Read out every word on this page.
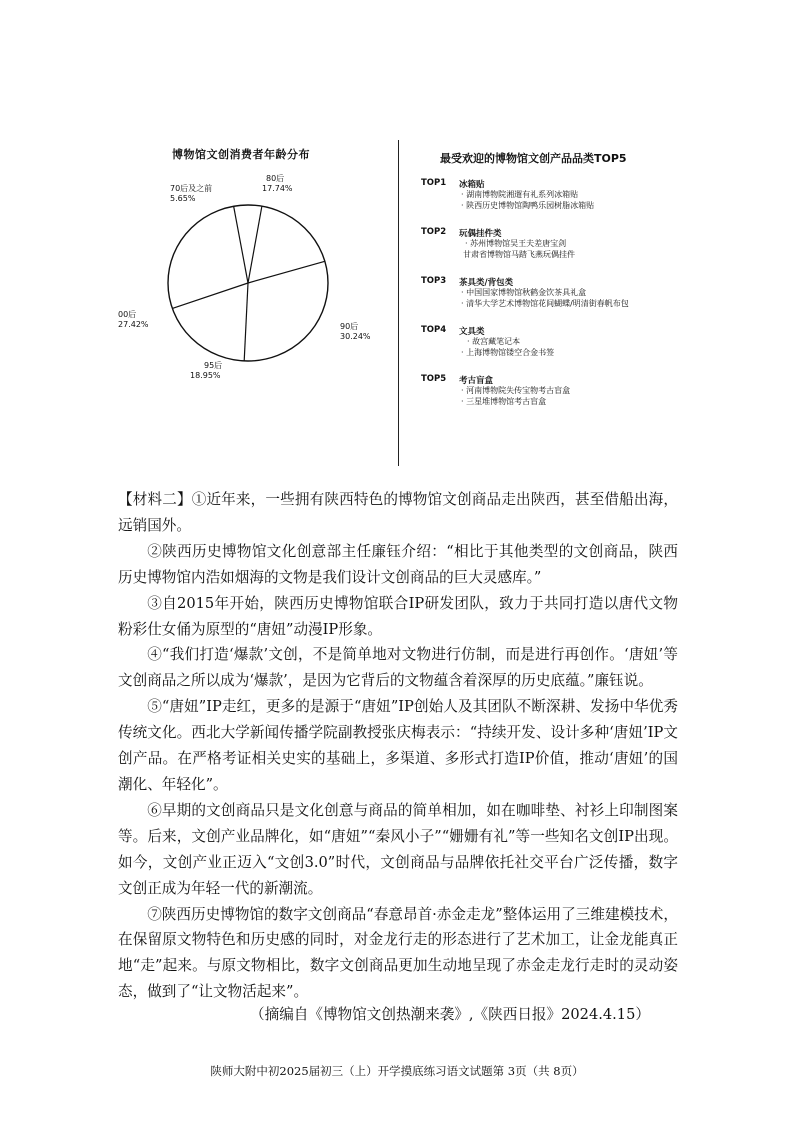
博物馆文创消费者年龄分布
80后
17.74%
90后
30.24%
95后
18.95%
00后
27.42%
70后及之前
5.65%
最受欢迎的博物馆文创产品品类TOP5
TOP1 冰箱贴
· 湖南博物院湘遛有礼系列冰箱贴
· 陕西历史博物馆陶鸭乐园树脂冰箱贴
TOP2 玩偶挂件类
· 苏州博物馆吴王夫差唐宝剑
甘肃省博物馆马踏飞燕玩偶挂件
TOP3 茶具类/背包类
· 中国国家博物馆秋鹤金饮茶具礼盒
· 清华大学艺术博物馆花间蝴蝶/明清街春帆布包
TOP4 文具类
· 故宫藏笔记本
· 上海博物馆镂空合金书签
TOP5 考古盲盒
· 河南博物院失传宝物考古盲盒
· 三星堆博物馆考古盲盒

【材料二】①近年来，一些拥有陕西特色的博物馆文创商品走出陕西，甚至借船出海，远销国外。

②陕西历史博物馆文化创意部主任廉钰介绍：“相比于其他类型的文创商品，陕西历史博物馆内浩如烟海的文物是我们设计文创商品的巨大灵感库。”

③自2015年开始，陕西历史博物馆联合IP研发团队，致力于共同打造以唐代文物粉彩仕女俑为原型的“唐妞”动漫IP形象。

④“我们打造‘爆款’文创，不是简单地对文物进行仿制，而是进行再创作。‘唐妞’等文创商品之所以成为‘爆款’，是因为它背后的文物蕴含着深厚的历史底蕴。”廉钰说。

⑤“唐妞”IP走红，更多的是源于“唐妞”IP创始人及其团队不断深耕、发扬中华优秀传统文化。西北大学新闻传播学院副教授张庆梅表示：“持续开发、设计多种‘唐妞’IP文创产品。在严格考证相关史实的基础上，多渠道、多形式打造IP价值，推动‘唐妞’的国潮化、年轻化”。

⑥早期的文创商品只是文化创意与商品的简单相加，如在咖啡垫、衬衫上印制图案等。后来，文创产业品牌化，如“唐妞”“秦风小子”“姗姗有礼”等一些知名文创IP出现。如今，文创产业正迈入“文创3.0”时代，文创商品与品牌依托社交平台广泛传播，数字文创正成为年轻一代的新潮流。

⑦陕西历史博物馆的数字文创商品“春意昂首·赤金走龙”整体运用了三维建模技术，在保留原文物特色和历史感的同时，对金龙行走的形态进行了艺术加工，让金龙能真正地“走”起来。与原文物相比，数字文创商品更加生动地呈现了赤金走龙行走时的灵动姿态，做到了“让文物活起来”。

（摘编自《博物馆文创热潮来袭》,《陕西日报》2024.4.15）
陕师大附中初2025届初三（上）开学摸底练习语文试题第 3页（共 8页）
